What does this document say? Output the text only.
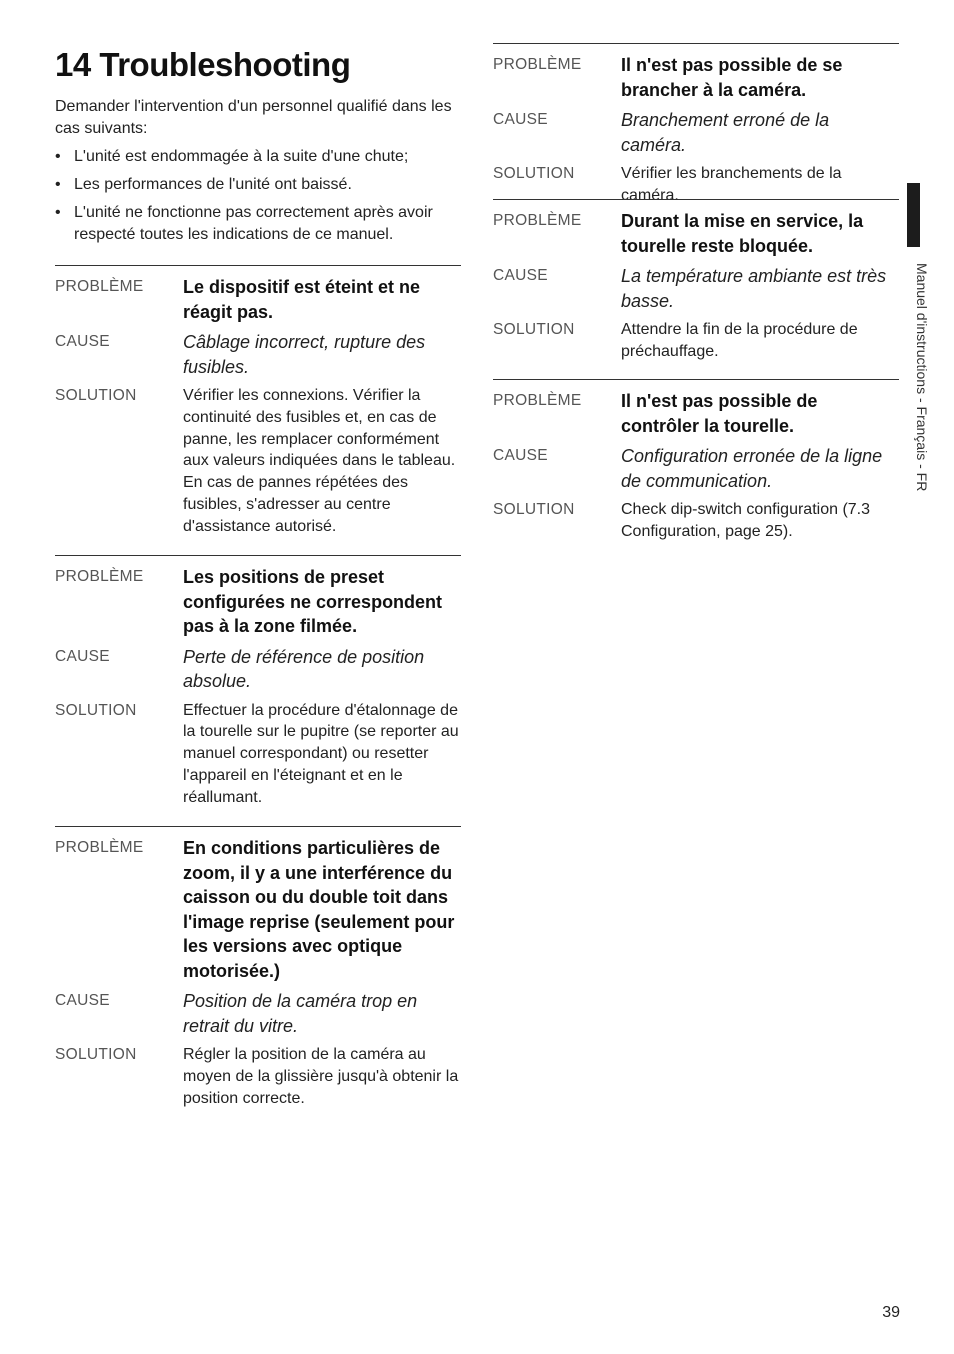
14 Troubleshooting

Demander l'intervention d'un personnel qualifié dans les cas suivants:

• L'unité est endommagée à la suite d'une chute;
• Les performances de l'unité ont baissé.
• L'unité ne fonctionne pas correctement après avoir respecté toutes les indications de ce manuel.
PROBLÈME	Le dispositif est éteint et ne réagit pas.
CAUSE	Câblage incorrect, rupture des fusibles.
SOLUTION	Vérifier les connexions. Vérifier la continuité des fusibles et, en cas de panne, les remplacer conformément aux valeurs indiquées dans le tableau. En cas de pannes répétées des fusibles, s'adresser au centre d'assistance autorisé.
PROBLÈME	Les positions de preset configurées ne correspondent pas à la zone filmée.
CAUSE	Perte de référence de position absolue.
SOLUTION	Effectuer la procédure d'étalonnage de la tourelle sur le pupitre (se reporter au manuel correspondant) ou resetter l'appareil en l'éteignant et en le réallumant.
PROBLÈME	En conditions particulières de zoom, il y a une interférence du caisson ou du double toit dans l'image reprise (seulement pour les versions avec optique motorisée.)
CAUSE	Position de la caméra trop en retrait du vitre.
SOLUTION	Régler la position de la caméra au moyen de la glissière jusqu'à obtenir la position correcte.
PROBLÈME	Il n'est pas possible de se brancher à la caméra.
CAUSE	Branchement erroné de la caméra.
SOLUTION	Vérifier les branchements de la caméra.
PROBLÈME	Durant la mise en service, la tourelle reste bloquée.
CAUSE	La température ambiante est très basse.
SOLUTION	Attendre la fin de la procédure de préchauffage.
PROBLÈME	Il n'est pas possible de contrôler la tourelle.
CAUSE	Configuration erronée de la ligne de communication.
SOLUTION	Check dip-switch configuration (7.3 Configuration, page 25).
Manuel d'instructions - Français - FR
39
